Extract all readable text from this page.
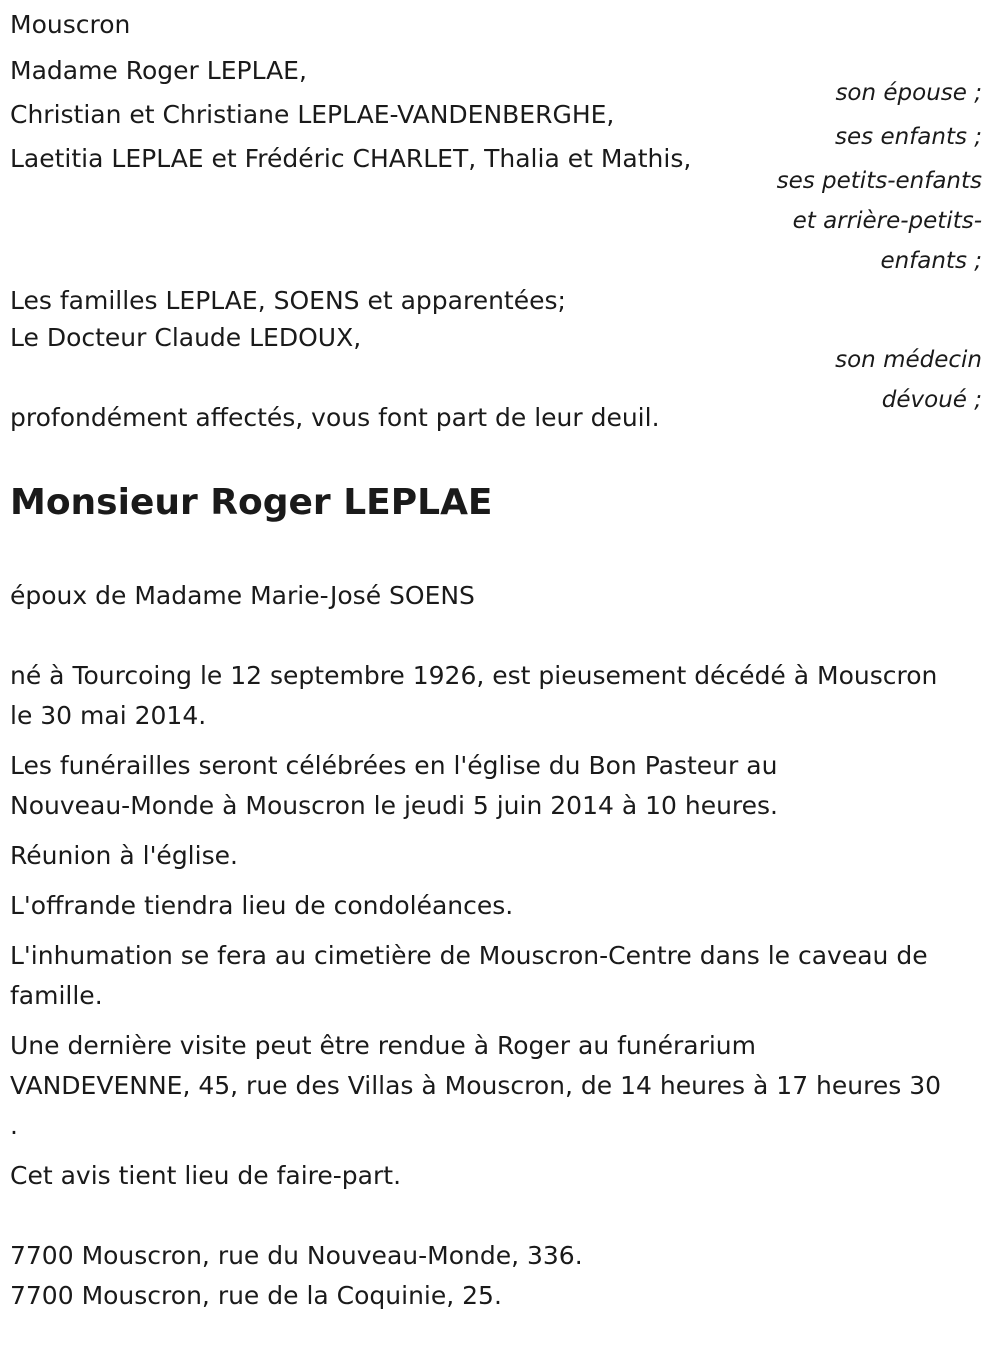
Mouscron
Madame Roger LEPLAE,
son épouse ;
Christian et Christiane LEPLAE-VANDENBERGHE,
ses enfants ;
Laetitia LEPLAE et Frédéric CHARLET, Thalia et Mathis,
ses petits-enfants
et arrière-petits-
enfants ;
Les familles LEPLAE, SOENS et apparentées;
Le Docteur Claude LEDOUX,
son médecin
dévoué ;
profondément affectés, vous font part de leur deuil.
Monsieur Roger LEPLAE
époux de Madame Marie-José SOENS
né à Tourcoing le 12 septembre 1926, est pieusement décédé à Mouscron
le 30 mai 2014.
Les funérailles seront célébrées en l'église du Bon Pasteur au
Nouveau-Monde à Mouscron le jeudi 5 juin 2014 à 10 heures.
Réunion à l'église.
L'offrande tiendra lieu de condoléances.
L'inhumation se fera au cimetière de Mouscron-Centre dans le caveau de
famille.
Une dernière visite peut être rendue à Roger au funérarium
VANDEVENNE, 45, rue des Villas à Mouscron, de 14 heures à 17 heures 30
.
Cet avis tient lieu de faire-part.
7700 Mouscron, rue du Nouveau-Monde, 336.
7700 Mouscron, rue de la Coquinie, 25.
